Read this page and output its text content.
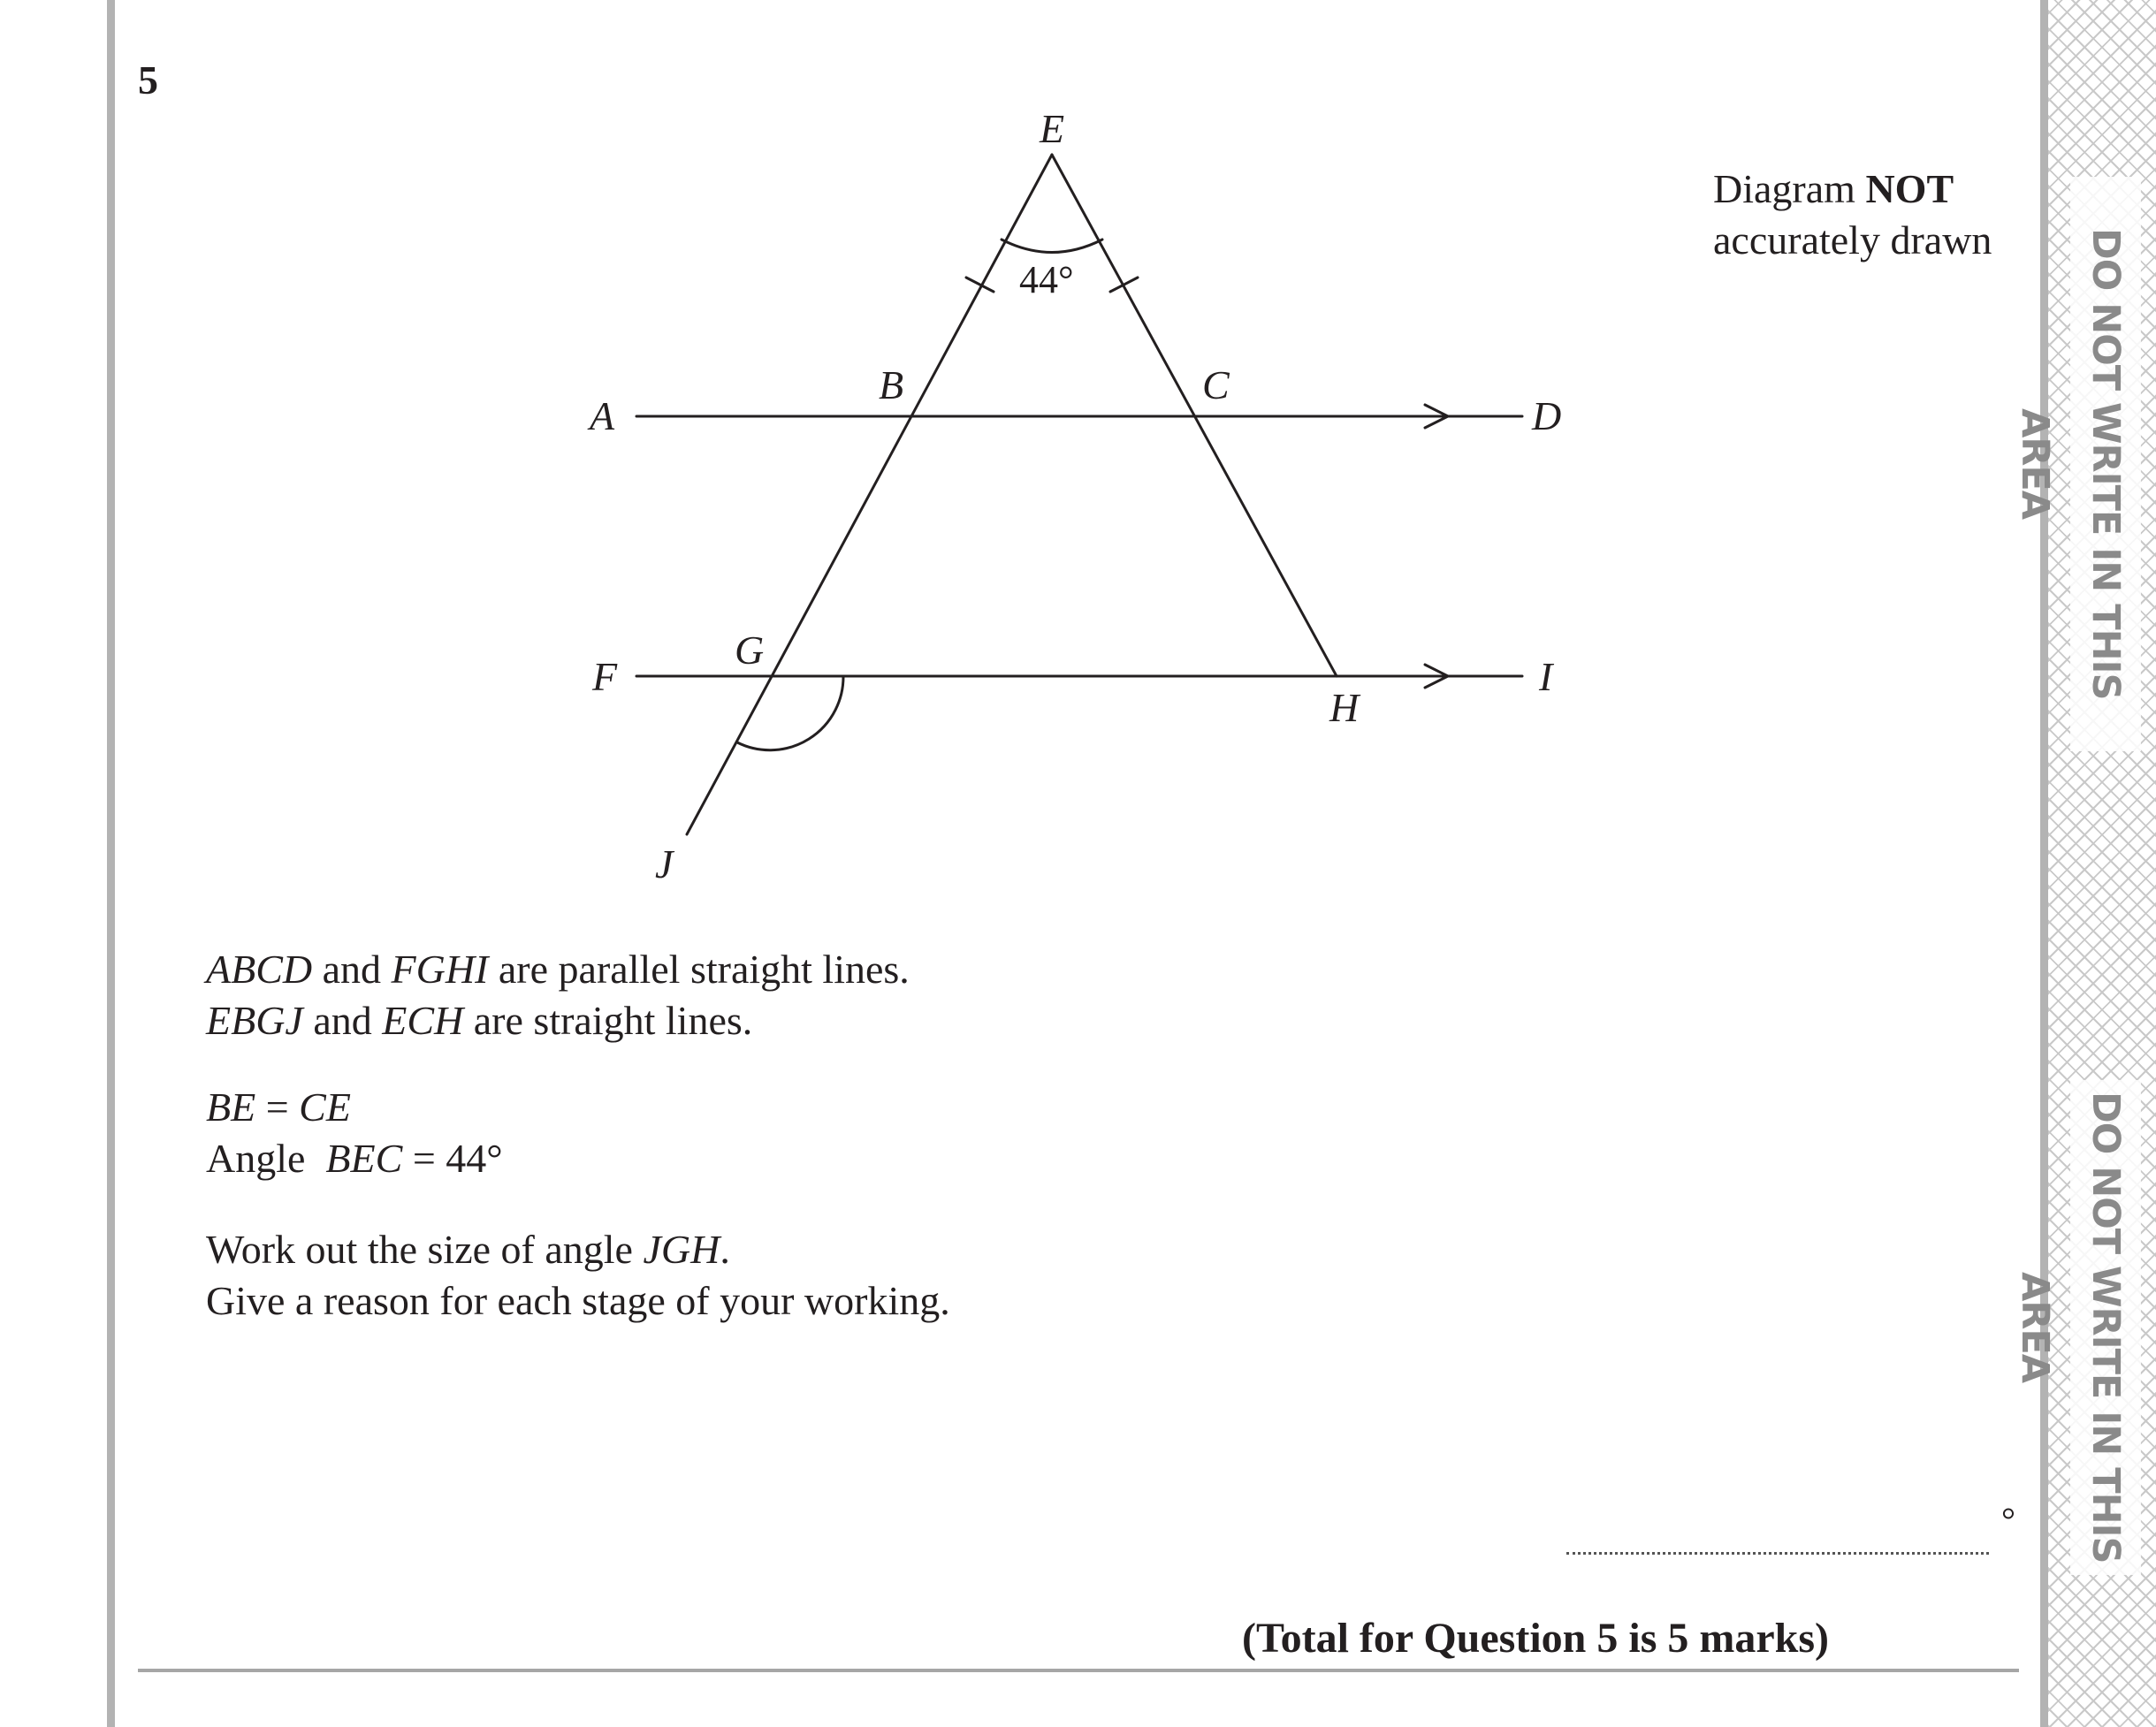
5
E
B	C
A	D
G
F	I
H
J
44°
Diagram NOT
accurately drawn
ABCD and FGHI are parallel straight lines.
EBGJ and ECH are straight lines.
BE = CE
Angle  BEC = 44°
Work out the size of angle JGH.
Give a reason for each stage of your working.
°
(Total for Question 5 is 5 marks)
DO NOT WRITE IN THIS AREA
DO NOT WRITE IN THIS AREA
